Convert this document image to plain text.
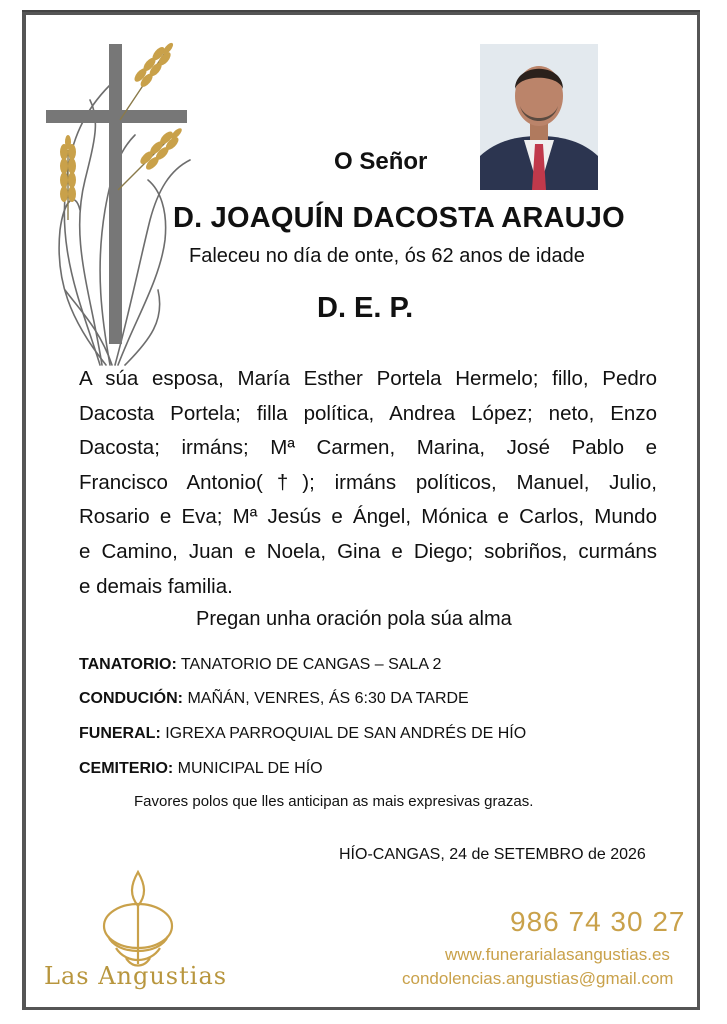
O Señor
D. JOAQUÍN DACOSTA ARAUJO
Faleceu no día de onte, ós 62 anos de idade
D. E. P.
A súa esposa, María Esther Portela Hermelo; fillo, Pedro
Dacosta Portela; filla política, Andrea López; neto, Enzo
Dacosta; irmáns; Mª Carmen, Marina, José Pablo e
Francisco Antonio(†); irmáns políticos, Manuel, Julio,
Rosario e Eva; Mª Jesús e Ángel, Mónica e Carlos, Mundo
e Camino, Juan e Noela, Gina e Diego; sobriños, curmáns
e demais familia.
Pregan unha oración pola súa alma
TANATORIO: TANATORIO DE CANGAS – SALA 2
CONDUCIÓN: MAÑÁN, VENRES, ÁS 6:30 DA TARDE
FUNERAL: IGREXA PARROQUIAL DE SAN ANDRÉS DE HÍO
CEMITERIO: MUNICIPAL DE HÍO
Favores polos que lles anticipan as mais expresivas grazas.
HÍO-CANGAS, 24 de SETEMBRO de 2026
Las Angustias
986 74 30 27
www.funerarialasangustias.es
condolencias.angustias@gmail.com
